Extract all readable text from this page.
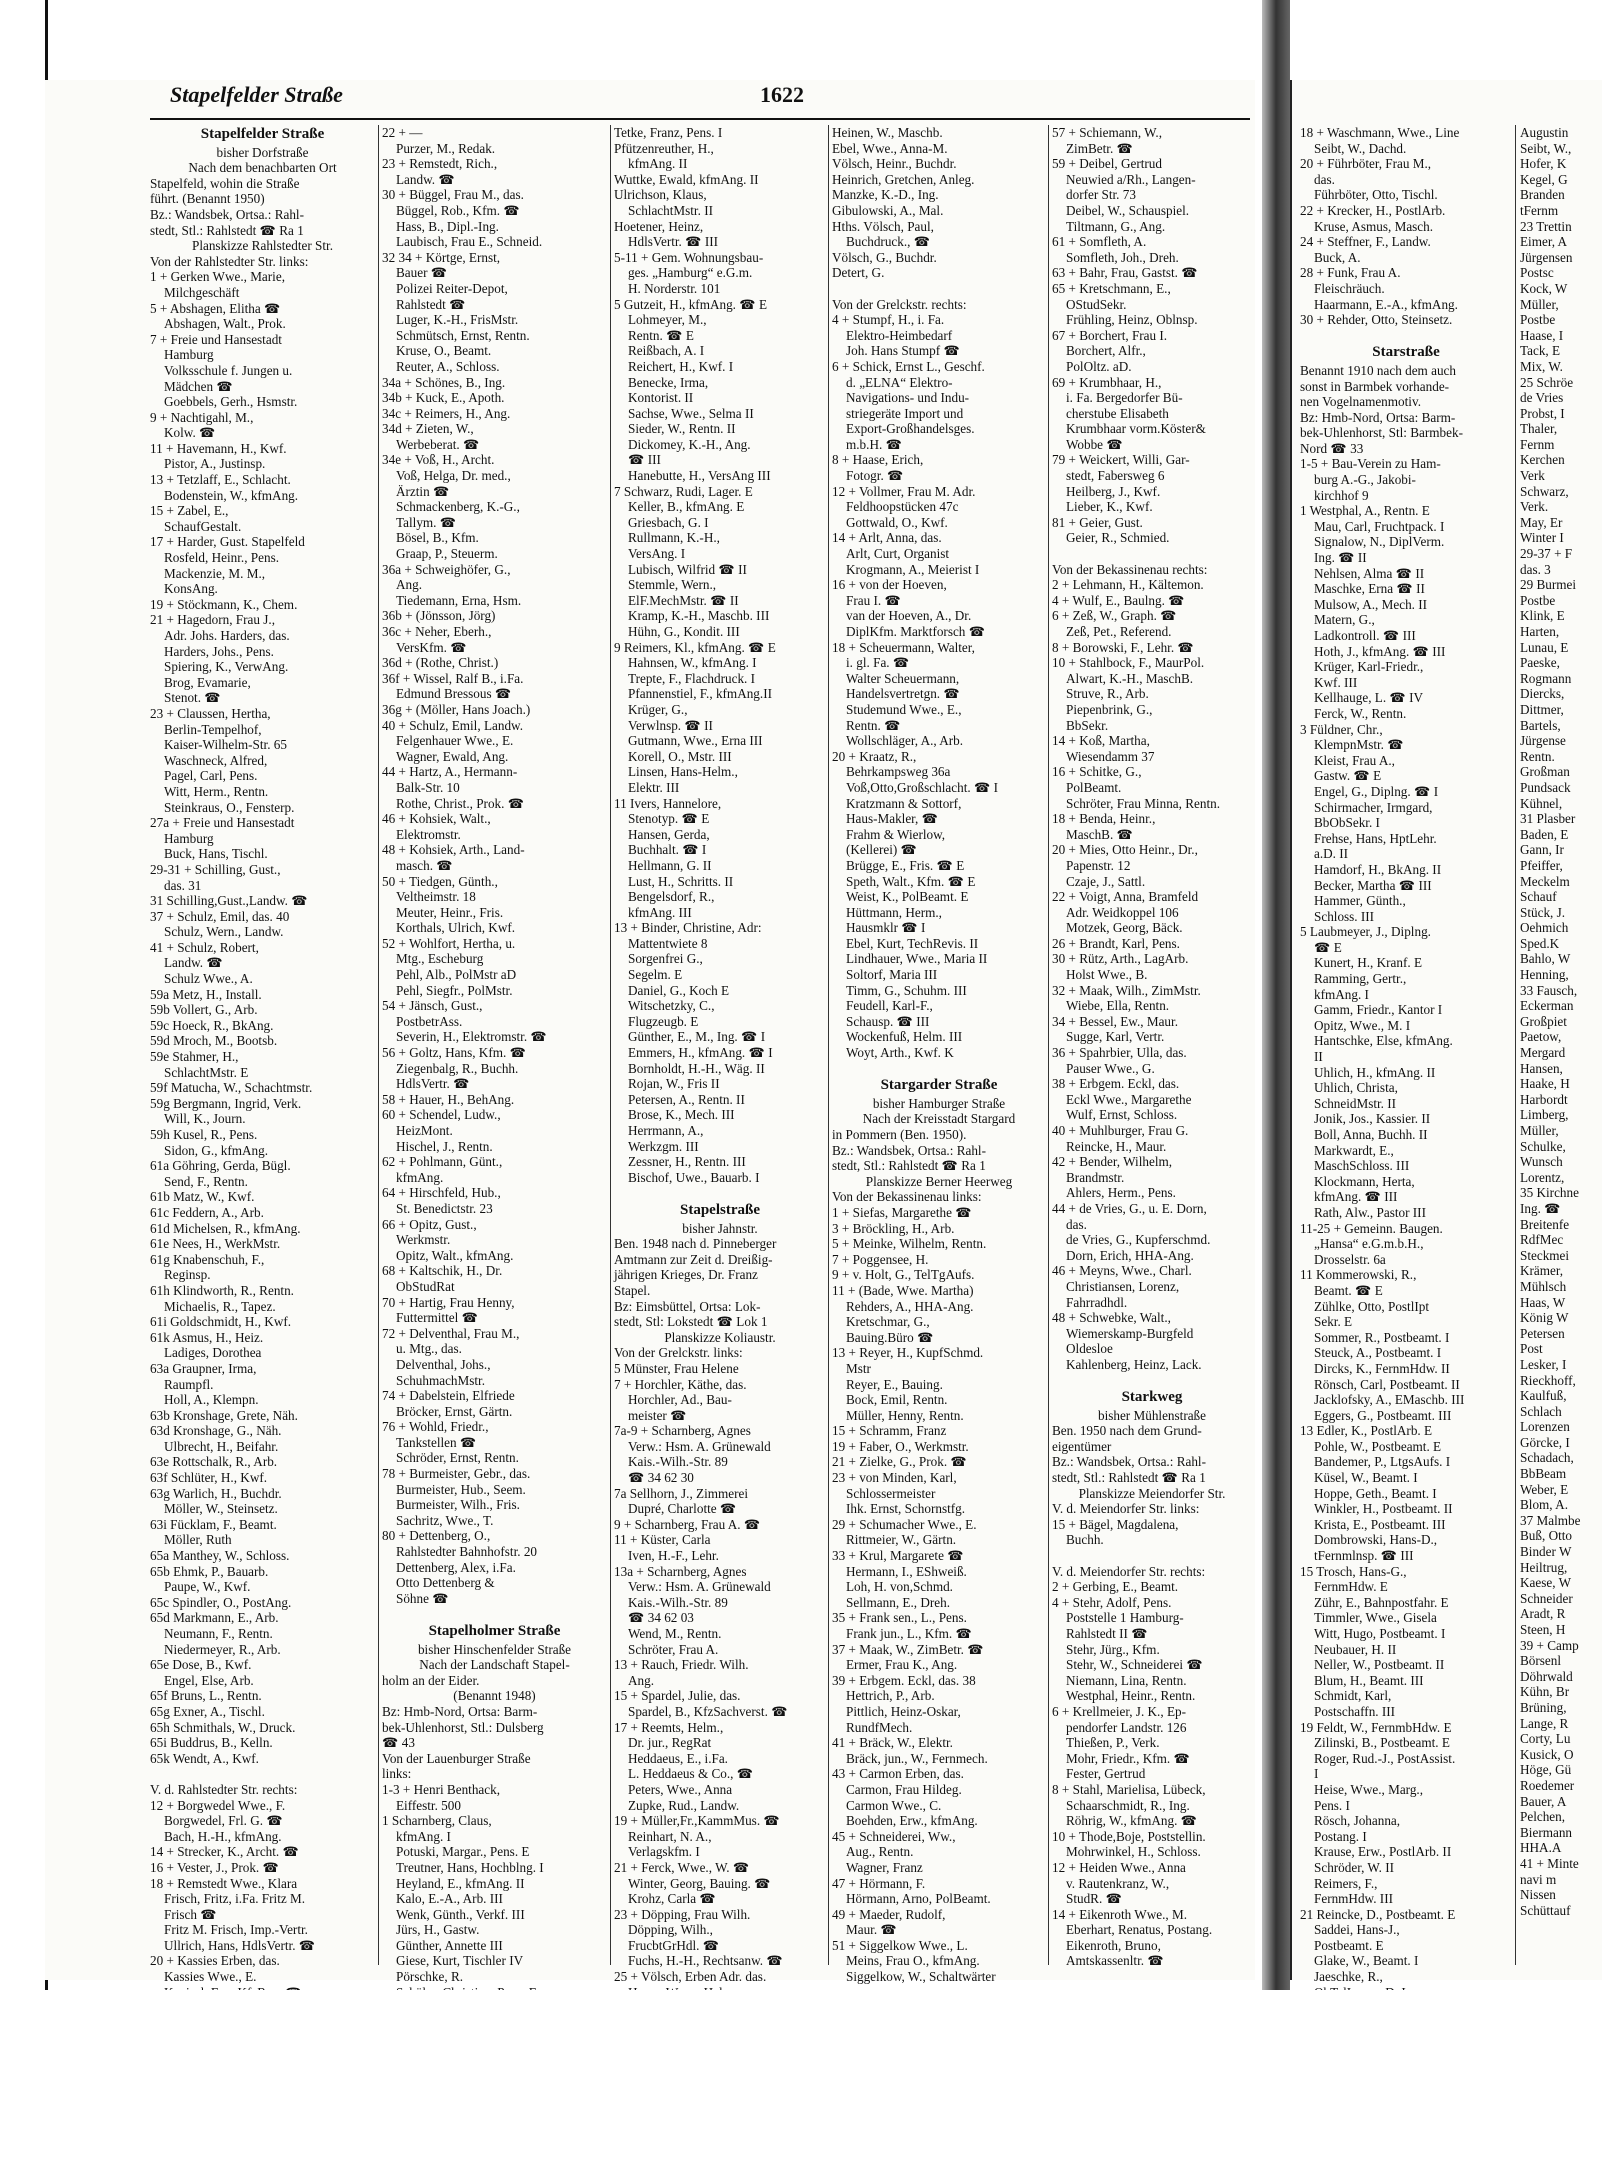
Stapelfelder Straße	1622
Stapelfelder Straße
bisher Dorfstraße
Nach dem benachbarten Ort
Stapelfeld, wohin die Straße
führt. (Benannt 1950)
Bz.: Wandsbek, Ortsa.: Rahl-
stedt, Stl.: Rahlstedt ☎ Ra 1
Planskizze Rahlstedter Str.
Von der Rahlstedter Str. links:
1 + Gerken Wwe., Marie,
Milchgeschäft
5 + Abshagen, Elitha ☎
Abshagen, Walt., Prok.
7 + Freie und Hansestadt
Hamburg
Volksschule f. Jungen u.
Mädchen ☎
Goebbels, Gerh., Hsmstr.
9 + Nachtigahl, M.,
Kolw. ☎
11 + Havemann, H., Kwf.
Pistor, A., Justinsp.
13 + Tetzlaff, E., Schlacht.
Bodenstein, W., kfmAng.
15 + Zabel, E.,
SchaufGestalt.
17 + Harder, Gust. Stapelfeld
Rosfeld, Heinr., Pens.
Mackenzie, M. M.,
KonsAng.
19 + Stöckmann, K., Chem.
21 + Hagedorn, Frau J.,
Adr. Johs. Harders, das.
Harders, Johs., Pens.
Spiering, K., VerwAng.
Brog, Evamarie,
Stenot. ☎
23 + Claussen, Hertha,
Berlin-Tempelhof,
Kaiser-Wilhelm-Str. 65
Waschneck, Alfred,
Pagel, Carl, Pens.
Witt, Herm., Rentn.
Steinkraus, O., Fensterp.
27a + Freie und Hansestadt
Hamburg
Buck, Hans, Tischl.
29-31 + Schilling, Gust.,
das. 31
31 Schilling,Gust.,Landw. ☎
37 + Schulz, Emil, das. 40
Schulz, Wern., Landw.
41 + Schulz, Robert,
Landw. ☎
Schulz Wwe., A.
59a Metz, H., Install.
59b Vollert, G., Arb.
59c Hoeck, R., BkAng.
59d Mroch, M., Bootsb.
59e Stahmer, H.,
SchlachtMstr. E
59f Matucha, W., Schachtmstr.
59g Bergmann, Ingrid, Verk.
Will, K., Journ.
59h Kusel, R., Pens.
Sidon, G., kfmAng.
61a Göhring, Gerda, Bügl.
Send, F., Rentn.
61b Matz, W., Kwf.
61c Feddern, A., Arb.
61d Michelsen, R., kfmAng.
61e Nees, H., WerkMstr.
61g Knabenschuh, F.,
Reginsp.
61h Klindworth, R., Rentn.
Michaelis, R., Tapez.
61i Goldschmidt, H., Kwf.
61k Asmus, H., Heiz.
Ladiges, Dorothea
63a Graupner, Irma,
Raumpfl.
Holl, A., Klempn.
63b Kronshage, Grete, Näh.
63d Kronshage, G., Näh.
Ulbrecht, H., Beifahr.
63e Rottschalk, R., Arb.
63f Schlüter, H., Kwf.
63g Warlich, H., Buchdr.
Möller, W., Steinsetz.
63i Fücklam, F., Beamt.
Möller, Ruth
65a Manthey, W., Schloss.
65b Ehmk, P., Bauarb.
Paupe, W., Kwf.
65c Spindler, O., PostAng.
65d Markmann, E., Arb.
Neumann, F., Rentn.
Niedermeyer, R., Arb.
65e Dose, B., Kwf.
Engel, Else, Arb.
65f Bruns, L., Rentn.
65g Exner, A., Tischl.
65h Schmithals, W., Druck.
65i Buddrus, B., Kelln.
65k Wendt, A., Kwf.

V. d. Rahlstedter Str. rechts:
12 + Borgwedel Wwe., F.
Borgwedel, Frl. G. ☎
Bach, H.-H., kfmAng.
14 + Strecker, K., Archt. ☎
16 + Vester, J., Prok. ☎
18 + Remstedt Wwe., Klara
Frisch, Fritz, i.Fa. Fritz M.
Frisch ☎
Fritz M. Frisch, Imp.-Vertr.
Ullrich, Hans, HdlsVertr. ☎
20 + Kassies Erben, das.
Kassies Wwe., E.
22 + —
Purzer, M., Redak.
23 + Remstedt, Rich.,
Landw. ☎
30 + Büggel, Frau M., das.
Büggel, Rob., Kfm. ☎
Hass, B., Dipl.-Ing.
Laubisch, Frau E., Schneid.
32 34 + Körtge, Ernst,
Bauer ☎
Polizei Reiter-Depot,
Rahlstedt ☎
Luger, K.-H., FrisMstr.
Schmütsch, Ernst, Rentn.
Kruse, O., Beamt.
Reuter, A., Schloss.
34a + Schönes, B., Ing.
34b + Kuck, E., Apoth.
34c + Reimers, H., Ang.
34d + Zieten, W.,
Werbeberat. ☎
34e + Voß, H., Archt.
Voß, Helga, Dr. med.,
Ärztin ☎
Schmackenberg, K.-G.,
Tallym. ☎
Bösel, B., Kfm.
Graap, P., Steuerm.
36a + Schweighöfer, G.,
Ang.
Tiedemann, Erna, Hsm.
36b + (Jönsson, Jörg)
36c + Neher, Eberh.,
VersKfm. ☎
36d + (Rothe, Christ.)
36f + Wissel, Ralf B., i.Fa.
Edmund Bressous ☎
36g + (Möller, Hans Joach.)
40 + Schulz, Emil, Landw.
Felgenhauer Wwe., E.
Wagner, Ewald, Ang.
44 + Hartz, A., Hermann-
Balk-Str. 10
Rothe, Christ., Prok. ☎
46 + Kohsiek, Walt.,
Elektromstr.
48 + Kohsiek, Arth., Land-
masch. ☎
50 + Tiedgen, Günth.,
Veltheimstr. 18
Meuter, Heinr., Fris.
Korthals, Ulrich, Kwf.
52 + Wohlfort, Hertha, u.
Mtg., Escheburg
Pehl, Alb., PolMstr aD
Pehl, Siegfr., PolMstr.
54 + Jänsch, Gust.,
PostbetrAss.
Severin, H., Elektromstr. ☎
56 + Goltz, Hans, Kfm. ☎
Ziegenbalg, R., Buchh.
HdlsVertr. ☎
58 + Hauer, H., BehAng.
60 + Schendel, Ludw.,
HeizMont.
Hischel, J., Rentn.
62 + Pohlmann, Günt.,
kfmAng.
64 + Hirschfeld, Hub.,
St. Benedictstr. 23
66 + Opitz, Gust.,
Werkmstr.
Opitz, Walt., kfmAng.
68 + Kaltschik, H., Dr.
ObStudRat
70 + Hartig, Frau Henny,
Futtermittel ☎
72 + Delventhal, Frau M.,
u. Mtg., das.
Delventhal, Johs.,
SchuhmachMstr.
74 + Dabelstein, Elfriede
Bröcker, Ernst, Gärtn.
76 + Wohld, Friedr.,
Tankstellen ☎
Schröder, Ernst, Rentn.
78 + Burmeister, Gebr., das.
Burmeister, Hub., Seem.
Burmeister, Wilh., Fris.
Sachritz, Wwe., T.
80 + Dettenberg, O.,
Rahlstedter Bahnhofstr. 20
Dettenberg, Alex, i.Fa.
Otto Dettenberg &
Söhne ☎

Stapelholmer Straße
bisher Hinschenfelder Straße
Nach der Landschaft Stapel-
holm an der Eider.
(Benannt 1948)
Bz: Hmb-Nord, Ortsa: Barm-
bek-Uhlenhorst, Stl.: Dulsberg
☎ 43
Von der Lauenburger Straße
links:
1-3 + Henri Benthack,
Eiffestr. 500
1 Scharnberg, Claus,
kfmAng. I
Potuski, Margar., Pens. E
Treutner, Hans, Hochblng. I
Heyland, E., kfmAng. II
Kalo, E.-A., Arb. III
Wenk, Günth., Verkf. III
Jürs, H., Gastw.
Günther, Annette III
Giese, Kurt, Tischler IV
Pörschke, R.
Tetke, Franz, Pens. I
Pfützenreuther, H.,
kfmAng. II
Wuttke, Ewald, kfmAng. II
Ulrichson, Klaus,
SchlachtMstr. II
Hoetener, Heinz,
HdlsVertr. ☎ III
5-11 + Gem. Wohnungsbau-
ges. „Hamburg“ e.G.m.
H. Norderstr. 101
5 Gutzeit, H., kfmAng. ☎ E
Lohmeyer, M.,
Rentn. ☎ E
Reißbach, A. I
Reichert, H., Kwf. I
Benecke, Irma,
Kontorist. II
Sachse, Wwe., Selma II
Sieder, W., Rentn. II
Dickomey, K.-H., Ang.
☎ III
Hanebutte, H., VersAng III
7 Schwarz, Rudi, Lager. E
Keller, B., kfmAng. E
Griesbach, G. I
Rullmann, K.-H.,
VersAng. I
Lubisch, Wilfrid ☎ II
Stemmle, Wern.,
ElF.MechMstr. ☎ II
Kramp, K.-H., Maschb. III
Hühn, G., Kondit. III
9 Reimers, Kl., kfmAng. ☎ E
Hahnsen, W., kfmAng. I
Trepte, F., Flachdruck. I
Pfannenstiel, F., kfmAng.II
Krüger, G.,
Verwlnsp. ☎ II
Gutmann, Wwe., Erna III
Korell, O., Mstr. III
Linsen, Hans-Helm.,
Elektr. III
11 Ivers, Hannelore,
Stenotyp. ☎ E
Hansen, Gerda,
Buchhalt. ☎ I
Hellmann, G. II
Lust, H., Schritts. II
Bengelsdorf, R.,
kfmAng. III
13 + Binder, Christine, Adr:
Mattentwiete 8
Sorgenfrei G.,
Segelm. E
Daniel, G., Koch E
Witschetzky, C.,
Flugzeugb. E
Günther, E., M., Ing. ☎ I
Emmers, H., kfmAng. ☎ I
Bornholdt, H.-H., Wäg. II
Rojan, W., Fris II
Petersen, A., Rentn. II
Brose, K., Mech. III
Herrmann, A.,
Werkzgm. III
Zessner, H., Rentn. III
Bischof, Uwe., Bauarb. I

Stapelstraße
bisher Jahnstr.
Ben. 1948 nach d. Pinneberger
Amtmann zur Zeit d. Dreißig-
jährigen Krieges, Dr. Franz
Stapel.
Bz: Eimsbüttel, Ortsa: Lok-
stedt, Stl: Lokstedt ☎ Lok 1
Planskizze Koliaustr.
Von der Grelckstr. links:
5 Münster, Frau Helene
7 + Horchler, Käthe, das.
Horchler, Ad., Bau-
meister ☎
7a-9 + Scharnberg, Agnes
Verw.: Hsm. A. Grünewald
Kais.-Wilh.-Str. 89
☎ 34 62 30
7a Sellhorn, J., Zimmerei
Dupré, Charlotte ☎
9 + Scharnberg, Frau A. ☎
11 + Küster, Carla
Iven, H.-F., Lehr.
13a + Scharnberg, Agnes
Verw.: Hsm. A. Grünewald
Kais.-Wilh.-Str. 89
☎ 34 62 03
Wend, M., Rentn.
Schröter, Frau A.
13 + Rauch, Friedr. Wilh.
Ang.
15 + Spardel, Julie, das.
Spardel, B., KfzSachverst. ☎
17 + Reemts, Helm.,
Dr. jur., RegRat
Heddaeus, E., i.Fa.
L. Heddaeus & Co., ☎
Peters, Wwe., Anna
Zupke, Rud., Landw.
19 + Müller,Fr.,KammMus. ☎
Reinhart, N. A.,
Verlagskfm. I
21 + Ferck, Wwe., W. ☎
Winter, Georg, Bauing. ☎
Krohz, Carla ☎
23 + Döpping, Frau Wilh.
Döpping, Wilh.,
FrucbtGrHdl. ☎
Fuchs, H.-H., Rechtsanw. ☎
25 + Völsch, Erben Adr. das.
Heinen, W., Maschb.
Ebel, Wwe., Anna-M.
Völsch, Heinr., Buchdr.
Heinrich, Gretchen, Anleg.
Manzke, K.-D., Ing.
Gibulowski, A., Mal.
Hths. Völsch, Paul,
Buchdruck., ☎
Völsch, G., Buchdr.
Detert, G.

Von der Grelckstr. rechts:
4 + Stumpf, H., i. Fa.
Elektro-Heimbedarf
Joh. Hans Stumpf ☎
6 + Schick, Ernst L., Geschf.
d. „ELNA“ Elektro-
Navigations- und Indu-
striegeräte Import und
Export-Großhandelsges.
m.b.H. ☎
8 + Haase, Erich,
Fotogr. ☎
12 + Vollmer, Frau M. Adr.
Feldhoopstücken 47c
Gottwald, O., Kwf.
14 + Arlt, Anna, das.
Arlt, Curt, Organist
Krogmann, A., Meierist I
16 + von der Hoeven,
Frau I. ☎
van der Hoeven, A., Dr.
DiplKfm. Marktforsch ☎
18 + Scheuermann, Walter,
i. gl. Fa. ☎
Walter Scheuermann,
Handelsvertretgn. ☎
Studemund Wwe., E.,
Rentn. ☎
Wollschläger, A., Arb.
20 + Kraatz, R.,
Behrkampsweg 36a
Voß,Otto,Großschlacht. ☎ I
Kratzmann & Sottorf,
Haus-Makler, ☎
Frahm & Wierlow,
(Kellerei) ☎
Brügge, E., Fris. ☎ E
Speth, Walt., Kfm. ☎ E
Weist, K., PolBeamt. E
Hüttmann, Herm.,
Hausmklr ☎ I
Ebel, Kurt, TechRevis. II
Lindhauer, Wwe., Maria II
Soltorf, Maria III
Timm, G., Schuhm. III
Feudell, Karl-F.,
Schausp. ☎ III
Wockenfuß, Helm. III
Woyt, Arth., Kwf. K

Stargarder Straße
bisher Hamburger Straße
Nach der Kreisstadt Stargard
in Pommern (Ben. 1950).
Bz.: Wandsbek, Ortsa.: Rahl-
stedt, Stl.: Rahlstedt ☎ Ra 1
Planskizze Berner Heerweg
Von der Bekassinenau links:
1 + Siefas, Margarethe ☎
3 + Bröckling, H., Arb.
5 + Meinke, Wilhelm, Rentn.
7 + Poggensee, H.
9 + v. Holt, G., TelTgAufs.
11 + (Bade, Wwe. Martha)
Rehders, A., HHA-Ang.
Kretschmar, G.,
Bauing.Büro ☎
13 + Reyer, H., KupfSchmd.
Mstr
Reyer, E., Bauing.
Bock, Emil, Rentn.
Müller, Henny, Rentn.
15 + Schramm, Franz
19 + Faber, O., Werkmstr.
21 + Zielke, G., Prok. ☎
23 + von Minden, Karl,
Schlossermeister
Ihk. Ernst, Schornstfg.
29 + Schumacher Wwe., E.
Rittmeier, W., Gärtn.
33 + Krul, Margarete ☎
Hermann, I., EShweiß.
Loh, H. von,Schmd.
Sellmann, E., Dreh.
35 + Frank sen., L., Pens.
Frank jun., L., Kfm. ☎
37 + Maak, W., ZimBetr. ☎
Ermer, Frau K., Ang.
39 + Erbgem. Eckl, das. 38
Hettrich, P., Arb.
Pittlich, Heinz-Oskar,
RundfMech.
41 + Bräck, W., Elektr.
Bräck, jun., W., Fernmech.
43 + Carmon Erben, das.
Carmon, Frau Hildeg.
Carmon Wwe., C.
Boehden, Erw., kfmAng.
45 + Schneiderei, Ww.,
Aug., Rentn.
Wagner, Franz
47 + Hörmann, F.
Hörmann, Arno, PolBeamt.
49 + Maeder, Rudolf,
Maur. ☎
51 + Siggelkow Wwe., L.
Meins, Frau O., kfmAng.
Siggelkow, W., Schaltwärter
57 + Schiemann, W.,
ZimBetr. ☎
59 + Deibel, Gertrud
Neuwied a/Rh., Langen-
dorfer Str. 73
Deibel, W., Schauspiel.
Tiltmann, G., Ang.
61 + Somfleth, A.
Somfleth, Joh., Dreh.
63 + Bahr, Frau, Gastst. ☎
65 + Kretschmann, E.,
OStudSekr.
Frühling, Heinz, Oblnsp.
67 + Borchert, Frau I.
Borchert, Alfr.,
PolOltz. aD.
69 + Krumbhaar, H.,
i. Fa. Bergedorfer Bü-
cherstube Elisabeth
Krumbhaar vorm.Köster&
Wobbe ☎
79 + Weickert, Willi, Gar-
stedt, Fabersweg 6
Heilberg, J., Kwf.
Lieber, K., Kwf.
81 + Geier, Gust.
Geier, R., Schmied.

Von der Bekassinenau rechts:
2 + Lehmann, H., Kältemon.
4 + Wulf, E., Baulng. ☎
6 + Zeß, W., Graph. ☎
Zeß, Pet., Referend.
8 + Borowski, F., Lehr. ☎
10 + Stahlbock, F., MaurPol.
Alwart, K.-H., MaschB.
Struve, R., Arb.
Piepenbrink, G.,
BbSekr.
14 + Koß, Martha,
Wiesendamm 37
16 + Schitke, G.,
PolBeamt.
Schröter, Frau Minna, Rentn.
18 + Benda, Heinr.,
MaschB. ☎
20 + Mies, Otto Heinr., Dr.,
Papenstr. 12
Czaje, J., Sattl.
22 + Voigt, Anna, Bramfeld
Adr. Weidkoppel 106
Motzek, Georg, Bäck.
26 + Brandt, Karl, Pens.
30 + Rütz, Arth., LagArb.
Holst Wwe., B.
32 + Maak, Wilh., ZimMstr.
Wiebe, Ella, Rentn.
34 + Bessel, Ew., Maur.
Sugge, Karl, Vertr.
36 + Spahrbier, Ulla, das.
Pauser Wwe., G.
38 + Erbgem. Eckl, das.
Eckl Wwe., Margarethe
Wulf, Ernst, Schloss.
40 + Muhlburger, Frau G.
Reincke, H., Maur.
42 + Bender, Wilhelm,
Brandmstr.
Ahlers, Herm., Pens.
44 + de Vries, G., u. E. Dorn,
das.
de Vries, G., Kupferschmd.
Dorn, Erich, HHA-Ang.
46 + Meyns, Wwe., Charl.
Christiansen, Lorenz,
Fahrradhdl.
48 + Schwebke, Walt.,
Wiemerskamp-Burgfeld
Oldesloe
Kahlenberg, Heinz, Lack.

Starkweg
bisher Mühlenstraße
Ben. 1950 nach dem Grund-
eigentümer
Bz.: Wandsbek, Ortsa.: Rahl-
stedt, Stl.: Rahlstedt ☎ Ra 1
Planskizze Meiendorfer Str.
V. d. Meiendorfer Str. links:
15 + Bägel, Magdalena,
Buchh.

V. d. Meiendorfer Str. rechts:
2 + Gerbing, E., Beamt.
4 + Stehr, Adolf, Pens.
Poststelle 1 Hamburg-
Rahlstedt II ☎
Stehr, Jürg., Kfm.
Stehr, W., Schneiderei ☎
Niemann, Lina, Rentn.
Westphal, Heinr., Rentn.
6 + Krellmeier, J. K., Ep-
pendorfer Landstr. 126
Thießen, P., Verk.
Mohr, Friedr., Kfm. ☎
Fester, Gertrud
8 + Stahl, Marielisa, Lübeck,
Schaarschmidt, R., Ing.
Röhrig, W., kfmAng. ☎
10 + Thode,Boje, Poststellin.
Mohrwinkel, H., Schloss.
12 + Heiden Wwe., Anna
v. Rautenkranz, W.,
StudR. ☎
14 + Eikenroth Wwe., M.
Eberhart, Renatus, Postang.
Eikenroth, Bruno,
Amtskassenltr. ☎
18 + Waschmann, Wwe., Line
Seibt, W., Dachd.
20 + Führböter, Frau M.,
das.
Führböter, Otto, Tischl.
22 + Krecker, H., PostlArb.
Kruse, Asmus, Masch.
24 + Steffner, F., Landw.
Buck, A.
28 + Funk, Frau A.
Fleischräuch.
Haarmann, E.-A., kfmAng.
30 + Rehder, Otto, Steinsetz.

Starstraße
Benannt 1910 nach dem auch
sonst in Barmbek vorhande-
nen Vogelnamenmotiv.
Bz: Hmb-Nord, Ortsa: Barm-
bek-Uhlenhorst, Stl: Barmbek-
Nord ☎ 33
1-5 + Bau-Verein zu Ham-
burg A.-G., Jakobi-
kirchhof 9
1 Westphal, A., Rentn. E
Mau, Carl, Fruchtpack. I
Signalow, N., DiplVerm.
Ing. ☎ II
Nehlsen, Alma ☎ II
Maschke, Erna ☎ II
Mulsow, A., Mech. II
Matern, G.,
Ladkontroll. ☎ III
Hoth, J., kfmAng. ☎ III
Krüger, Karl-Friedr.,
Kwf. III
Kellhauge, L. ☎ IV
Ferck, W., Rentn.
3 Füldner, Chr.,
KlempnMstr. ☎
Kleist, Frau A.,
Gastw. ☎ E
Engel, G., Diplng. ☎ I
Schirmacher, Irmgard,
BbObSekr. I
Frehse, Hans, HptLehr.
a.D. II
Hamdorf, H., BkAng. II
Becker, Martha ☎ III
Hammer, Günth.,
Schloss. III
5 Laubmeyer, J., Diplng.
☎ E
Kunert, H., Kranf. E
Ramming, Gertr.,
kfmAng. I
Gamm, Friedr., Kantor I
Opitz, Wwe., M. I
Hantschke, Else, kfmAng.
II
Uhlich, H., kfmAng. II
Uhlich, Christa,
SchneidMstr. II
Jonik, Jos., Kassier. II
Boll, Anna, Buchh. II
Markwardt, E.,
MaschSchloss. III
Klockmann, Herta,
kfmAng. ☎ III
Rath, Alw., Pastor III
11-25 + Gemeinn. Baugen.
„Hansa“ e.G.m.b.H.,
Drosselstr. 6a
11 Kommerowski, R.,
Beamt. ☎ E
Zühlke, Otto, PostlIpt
Sekr. E
Sommer, R., Postbeamt. I
Steuck, A., Postbeamt. I
Dircks, K., FernmHdw. II
Rönsch, Carl, Postbeamt. II
Jacklofsky, A., EMaschb. III
Eggers, G., Postbeamt. III
13 Edler, K., PostlArb. E
Pohle, W., Postbeamt. E
Bandemer, P., LtgsAufs. I
Küsel, W., Beamt. I
Hoppe, Geth., Beamt. I
Winkler, H., Postbeamt. II
Krista, E., Postbeamt. III
Dombrowski, Hans-D.,
tFernmlnsp. ☎ III
15 Trosch, Hans-G.,
FernmHdw. E
Zühr, E., Bahnpostfahr. E
Timmler, Wwe., Gisela
Witt, Hugo, Postbeamt. I
Neubauer, H. II
Neller, W., Postbeamt. II
Blum, H., Beamt. III
Schmidt, Karl,
Postschaffn. III
19 Feldt, W., FernmbHdw. E
Zilinski, B., Postbeamt. E
Roger, Rud.-J., PostAssist.
I
Heise, Wwe., Marg.,
Pens. I
Rösch, Johanna,
Postang. I
Krause, Erw., PostlArb. II
Schröder, W. II
Reimers, F.,
FernmHdw. III
21 Reincke, D., Postbeamt. E
Saddei, Hans-J.,
Postbeamt. E
Glake, W., Beamt. I
Jaeschke, R.,
Augustin
Seibt, W.,
Hofer, K
Kegel, G
Branden
tFernm
23 Trettin
Eimer, A
Jürgensen
Postsc
Kock, W
Müller,
Postbe
Haase, I
Tack, E
Mix, W.
25 Schröe
de Vries
Probst, I
Thaler,
Fernm
Kerchen
Verk
Schwarz,
Verk.
May, Er
Winter I
29-37 + F
das. 3
29 Burmei
Postbe
Klink, E
Harten,
Lunau, E
Paeske,
Rogmann
Diercks,
Dittmer,
Bartels,
Jürgense
Rentn.
Großman
Pundsack
Kühnel,
31 Plasber
Baden, E
Gann, Ir
Pfeiffer,
Meckelm
Schauf
Stück, J.
Oehmich
Sped.K
Bahlo, W
Henning,
33 Fausch,
Eckerman
Großpiet
Paetow,
Mergard
Hansen,
Haake, H
Harbordt
Limberg,
Müller,
Schulke,
Wunsch
Lorentz,
35 Kirchne
Ing. ☎
Breitenfe
RdfMec
Steckmei
Krämer,
Mühlsch
Haas, W
König W
Petersen
Post
Lesker, I
Rieckhoff,
Kaulfuß,
Schlach
Lorenzen
Görcke, I
Schadach,
BbBeam
Weber, E
Blom, A.
37 Malmbe
Buß, Otto
Binder W
Heiltrug,
Kaese, W
Schneider
Aradt, R
Steen, H
39 + Camp
Börsenl
Döhrwald
Kühn, Br
Brüning,
Lange, R
Corty, Lu
Kusick, O
Höge, Gü
Roedemer
Bauer, A
Pelchen,
Biermann
HHA.A
41 + Minte
navi m
Nissen
Schüttauf
